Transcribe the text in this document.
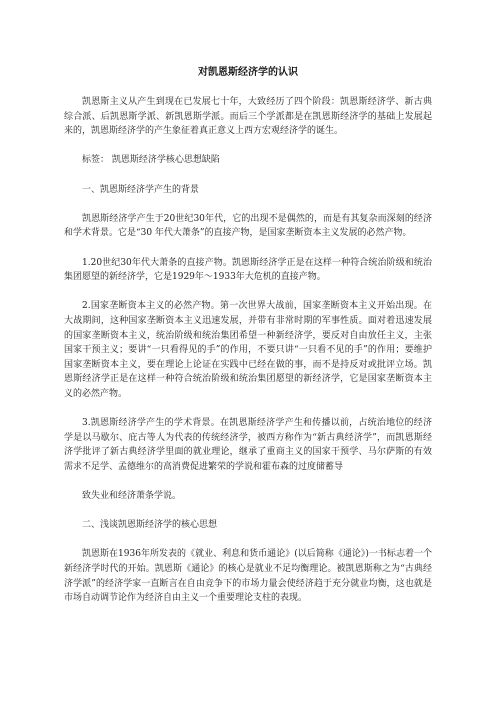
对凯恩斯经济学的认识
凯恩斯主义从产生到现在已发展七十年，大致经历了四个阶段：凯恩斯经济学、新古典综合派、后凯恩斯学派、新凯恩斯学派。而后三个学派都是在凯恩斯经济学的基础上发展起来的，凯恩斯经济学的产生象征着真正意义上西方宏观经济学的诞生。
标签： 凯恩斯经济学核心思想缺陷
一、凯恩斯经济学产生的背景
凯恩斯经济学产生于20世纪30年代，它的出现不是偶然的，而是有其复杂而深刻的经济和学术背景。它是“30 年代大萧条”的直接产物，是国家垄断资本主义发展的必然产物。
1.20世纪30年代大萧条的直接产物。凯恩斯经济学正是在这样一种符合统治阶级和统治集团愿望的新经济学，它是1929年～1933年大危机的直接产物。
2.国家垄断资本主义的必然产物。第一次世界大战前，国家垄断资本主义开始出现。在大战期间，这种国家垄断资本主义迅速发展，并带有非常时期的军事性质。面对着迅速发展的国家垄断资本主义，统治阶级和统治集团希望一种新经济学，要反对自由放任主义，主张国家干预主义；要讲“一只看得见的手”的作用，不要只讲“一只看不见的手”的作用；要维护国家垄断资本主义，要在理论上论证在实践中已经在做的事，而不是持反对或批评立场。凯恩斯经济学正是在这样一种符合统治阶级和统治集团愿望的新经济学，它是国家垄断资本主义的必然产物。
3.凯恩斯经济学产生的学术背景。在凯恩斯经济学产生和传播以前，占统治地位的经济学是以马歇尔、庇古等人为代表的传统经济学，被西方称作为“新古典经济学”，而凯恩斯经济学批评了新古典经济学里面的就业理论，继承了重商主义的国家干预学、马尔萨斯的有效需求不足学、孟德维尔的高消费促进繁荣的学说和霍布森的过度储蓄导
致失业和经济萧条学说。
二、浅谈凯恩斯经济学的核心思想
凯恩斯在1936年所发表的《就业、利息和货币通论》(以后简称《通论》)一书标志着一个新经济学时代的开始。凯恩斯《通论》的核心是就业不足均衡理论。被凯恩斯称之为“古典经济学派”的经济学家一直断言在自由竞争下的市场力量会使经济趋于充分就业均衡，这也就是市场自动调节论作为经济自由主义一个重要理论支柱的表现。
